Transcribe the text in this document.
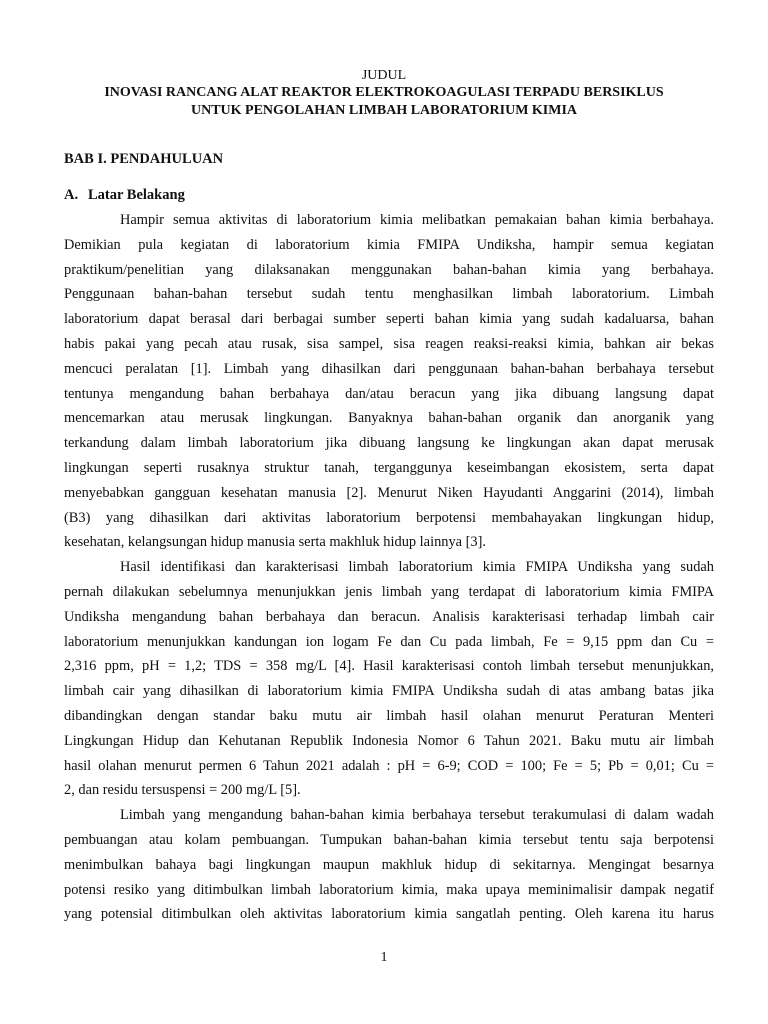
JUDUL
INOVASI RANCANG ALAT REAKTOR ELEKTROKOAGULASI TERPADU BERSIKLUS
UNTUK PENGOLAHAN LIMBAH LABORATORIUM KIMIA
BAB I. PENDAHULUAN
A. Latar Belakang
Hampir semua aktivitas di laboratorium kimia melibatkan pemakaian bahan kimia berbahaya.
Demikian pula kegiatan di laboratorium kimia FMIPA Undiksha, hampir semua kegiatan
praktikum/penelitian yang dilaksanakan menggunakan bahan-bahan kimia yang berbahaya.
Penggunaan bahan-bahan tersebut sudah tentu menghasilkan limbah laboratorium. Limbah
laboratorium dapat berasal dari berbagai sumber seperti bahan kimia yang sudah kadaluarsa, bahan
habis pakai yang pecah atau rusak, sisa sampel, sisa reagen reaksi-reaksi kimia, bahkan air bekas
mencuci peralatan [1]. Limbah yang dihasilkan dari penggunaan bahan-bahan berbahaya tersebut
tentunya mengandung bahan berbahaya dan/atau beracun yang jika dibuang langsung dapat
mencemarkan atau merusak lingkungan. Banyaknya bahan-bahan organik dan anorganik yang
terkandung dalam limbah laboratorium jika dibuang langsung ke lingkungan akan dapat merusak
lingkungan seperti rusaknya struktur tanah, terganggunya keseimbangan ekosistem, serta dapat
menyebabkan gangguan kesehatan manusia [2]. Menurut Niken Hayudanti Anggarini (2014), limbah
(B3) yang dihasilkan dari aktivitas laboratorium berpotensi membahayakan lingkungan hidup,
kesehatan, kelangsungan hidup manusia serta makhluk hidup lainnya [3].
Hasil identifikasi dan karakterisasi limbah laboratorium kimia FMIPA Undiksha yang sudah
pernah dilakukan sebelumnya menunjukkan jenis limbah yang terdapat di laboratorium kimia FMIPA
Undiksha mengandung bahan berbahaya dan beracun. Analisis karakterisasi terhadap limbah cair
laboratorium menunjukkan kandungan ion logam Fe dan Cu pada limbah, Fe = 9,15 ppm dan Cu =
2,316 ppm, pH = 1,2; TDS = 358 mg/L [4]. Hasil karakterisasi contoh limbah tersebut menunjukkan,
limbah cair yang dihasilkan di laboratorium kimia FMIPA Undiksha sudah di atas ambang batas jika
dibandingkan dengan standar baku mutu air limbah hasil olahan menurut Peraturan Menteri
Lingkungan Hidup dan Kehutanan Republik Indonesia Nomor 6 Tahun 2021. Baku mutu air limbah
hasil olahan menurut permen 6 Tahun 2021 adalah : pH = 6-9; COD = 100; Fe = 5; Pb = 0,01; Cu =
2, dan residu tersuspensi = 200 mg/L [5].
Limbah yang mengandung bahan-bahan kimia berbahaya tersebut terakumulasi di dalam wadah
pembuangan atau kolam pembuangan. Tumpukan bahan-bahan kimia tersebut tentu saja berpotensi
menimbulkan bahaya bagi lingkungan maupun makhluk hidup di sekitarnya. Mengingat besarnya
potensi resiko yang ditimbulkan limbah laboratorium kimia, maka upaya meminimalisir dampak negatif
yang potensial ditimbulkan oleh aktivitas laboratorium kimia sangatlah penting. Oleh karena itu harus
1
